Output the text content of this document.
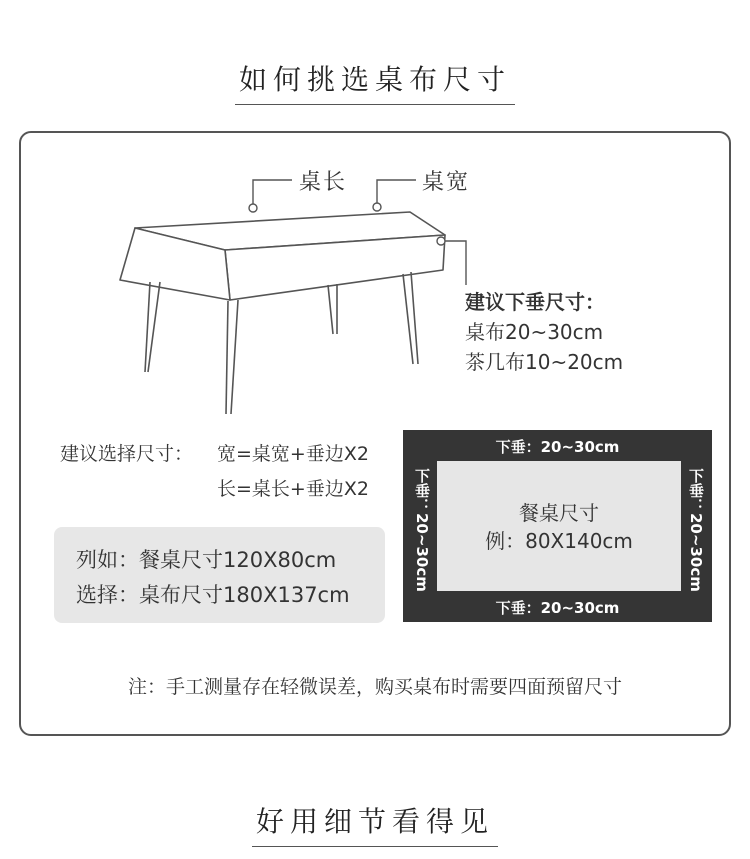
如何挑选桌布尺寸
桌长	桌宽
建议下垂尺寸：
桌布20~30cm
茶几布10~20cm
建议选择尺寸： 宽=桌宽+垂边X2
长=桌长+垂边X2
列如：餐桌尺寸120X80cm
选择：桌布尺寸180X137cm
下垂：20~30cm
下垂：20~30cm
下垂：20~30cm	下垂：20~30cm
餐桌尺寸
例：80X140cm
注：手工测量存在轻微误差，购买桌布时需要四面预留尺寸
好用细节看得见
